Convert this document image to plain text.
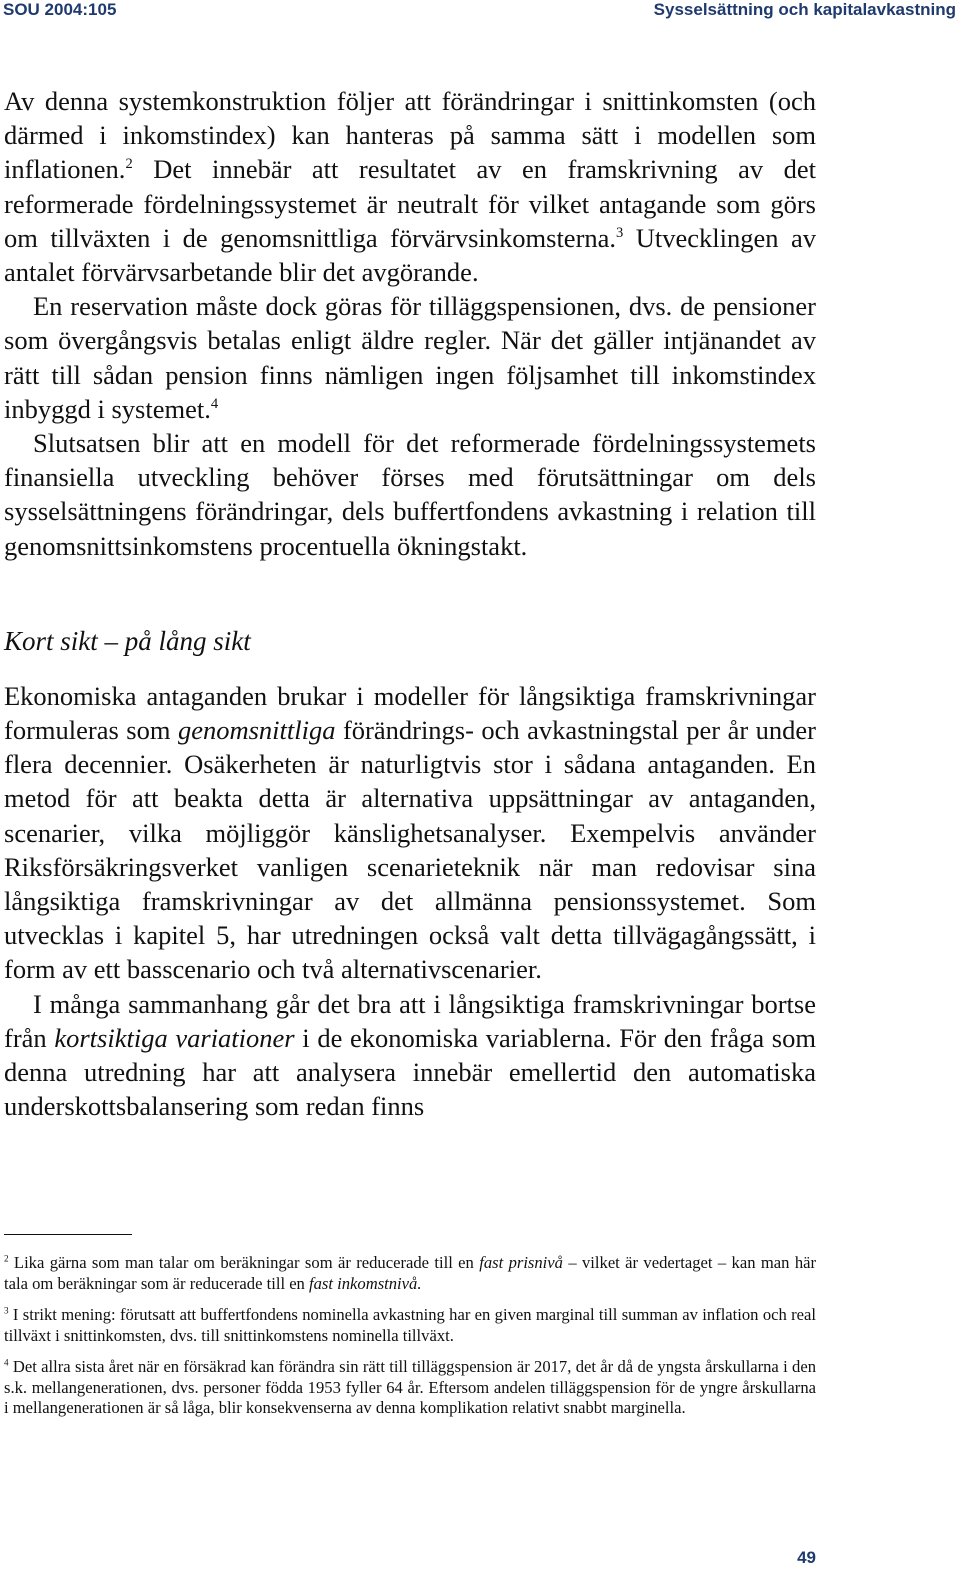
SOU 2004:105	Sysselsättning och kapitalavkastning

Av denna systemkonstruktion följer att förändringar i snittinkomsten (och därmed i inkomstindex) kan hanteras på samma sätt i modellen som inflationen.$^2$ Det innebär att resultatet av en framskrivning av det reformerade fördelningssystemet är neutralt för vilket antagande som görs om tillväxten i de genomsnittliga förvärvsinkomsterna.$^3$ Utvecklingen av antalet förvärvsarbetande blir det avgörande.

En reservation måste dock göras för tilläggspensionen, dvs. de pensioner som övergångsvis betalas enligt äldre regler. När det gäller intjänandet av rätt till sådan pension finns nämligen ingen följsamhet till inkomstindex inbyggd i systemet.$^4$

Slutsatsen blir att en modell för det reformerade fördelningssystemets finansiella utveckling behöver förses med förutsättningar om dels sysselsättningens förändringar, dels buffertfondens avkastning i relation till genomsnittsinkomstens procentuella ökningstakt.

Kort sikt – på lång sikt

Ekonomiska antaganden brukar i modeller för långsiktiga framskrivningar formuleras som genomsnittliga förändrings- och avkastningstal per år under flera decennier. Osäkerheten är naturligtvis stor i sådana antaganden. En metod för att beakta detta är alternativa uppsättningar av antaganden, scenarier, vilka möjliggör känslighetsanalyser. Exempelvis använder Riksförsäkringsverket vanligen scenarieteknik när man redovisar sina långsiktiga framskrivningar av det allmänna pensionssystemet. Som utvecklas i kapitel 5, har utredningen också valt detta tillvägagångssätt, i form av ett basscenario och två alternativscenarier.

I många sammanhang går det bra att i långsiktiga framskrivningar bortse från kortsiktiga variationer i de ekonomiska variablerna. För den fråga som denna utredning har att analysera innebär emellertid den automatiska underskottsbalansering som redan finns

$^2$ Lika gärna som man talar om beräkningar som är reducerade till en fast prisnivå – vilket är vedertaget – kan man här tala om beräkningar som är reducerade till en fast inkomstnivå.

$^3$ I strikt mening: förutsatt att buffertfondens nominella avkastning har en given marginal till summan av inflation och real tillväxt i snittinkomsten, dvs. till snittinkomstens nominella tillväxt.

$^4$ Det allra sista året när en försäkrad kan förändra sin rätt till tilläggspension är 2017, det år då de yngsta årskullarna i den s.k. mellangenerationen, dvs. personer födda 1953 fyller 64 år. Eftersom andelen tilläggspension för de yngre årskullarna i mellangenerationen är så låga, blir konsekvenserna av denna komplikation relativt snabbt marginella.

49
